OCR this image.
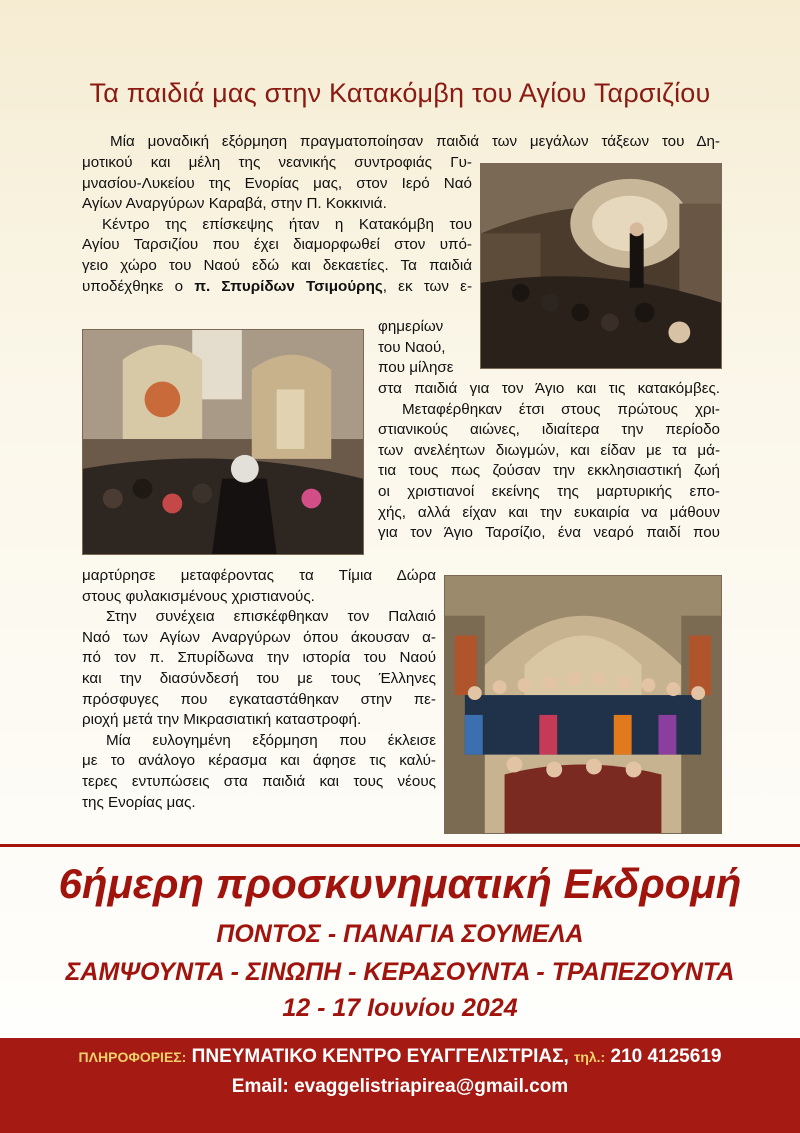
Τα παιδιά μας στην Κατακόμβη του Αγίου Ταρσιζίου
Μία μοναδική εξόρμηση πραγματοποίησαν παιδιά των μεγάλων τάξεων του Δη-
μοτικού και μέλη της νεανικής συντροφιάς Γυ-
μνασίου-Λυκείου της Ενορίας μας, στον Ιερό Ναό
Αγίων Αναργύρων Καραβά, στην Π. Κοκκινιά.
Κέντρο της επίσκεψης ήταν η Κατακόμβη του
Αγίου Ταρσιζίου που έχει διαμορφωθεί στον υπό-
γειο χώρο του Ναού εδώ και δεκαετίες. Τα παιδιά
υποδέχθηκε ο π. Σπυρίδων Τσιμούρης, εκ των ε-
φημερίων
του Ναού,
που μίλησε
στα παιδιά για τον Άγιο και τις κατακόμβες.
Μεταφέρθηκαν έτσι στους πρώτους χρι-
στιανικούς αιώνες, ιδιαίτερα την περίοδο
των ανελέητων διωγμών, και είδαν με τα μά-
τια τους πως ζούσαν την εκκλησιαστική ζωή
οι χριστιανοί εκείνης της μαρτυρικής επο-
χής, αλλά είχαν και την ευκαιρία να μάθουν
για τον Άγιο Ταρσίζιο, ένα νεαρό παιδί που
μαρτύρησε μεταφέροντας τα Τίμια Δώρα
στους φυλακισμένους χριστιανούς.
Στην συνέχεια επισκέφθηκαν τον Παλαιό
Ναό των Αγίων Αναργύρων όπου άκουσαν α-
πό τον π. Σπυρίδωνα την ιστορία του Ναού
και την διασύνδεσή του με τους Έλληνες
πρόσφυγες που εγκαταστάθηκαν στην πε-
ριοχή μετά την Μικρασιατική καταστροφή.
Μία ευλογημένη εξόρμηση που έκλεισε
με το ανάλογο κέρασμα και άφησε τις καλύ-
τερες εντυπώσεις στα παιδιά και τους νέους
της Ενορίας μας.
6ήμερη προσκυνηματική Εκδρομή
ΠΟΝΤΟΣ - ΠΑΝΑΓΙΑ ΣΟΥΜΕΛΑ
ΣΑΜΨΟΥΝΤΑ - ΣΙΝΩΠΗ - ΚΕΡΑΣΟΥΝΤΑ - ΤΡΑΠΕΖΟΥΝΤΑ
12 - 17 Ιουνίου 2024
ΠΛΗΡΟΦΟΡΙΕΣ: ΠΝΕΥΜΑΤΙΚΟ ΚΕΝΤΡΟ ΕΥΑΓΓΕΛΙΣΤΡΙΑΣ, τηλ.: 210 4125619
Email: evaggelistriapirea@gmail.com
